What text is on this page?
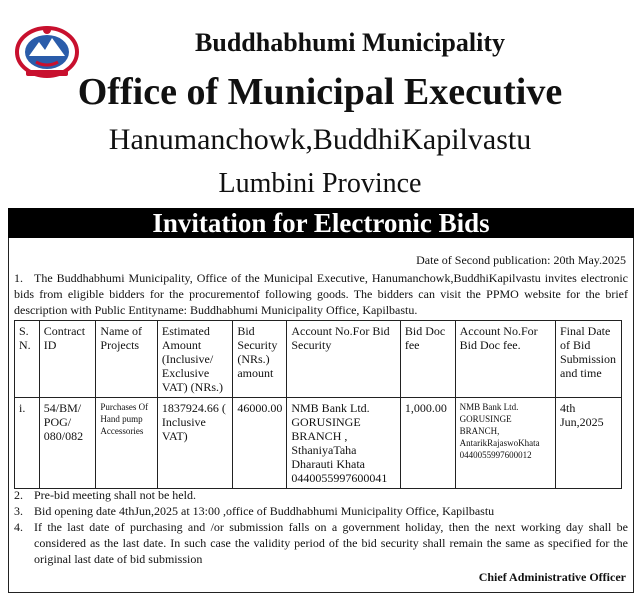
Buddhabhumi Municipality
Office of Municipal Executive
Hanumanchowk,BuddhiKapilvastu
Lumbini Province
Invitation for Electronic Bids
Date of Second publication: 20th May.2025
1. The Buddhabhumi Municipality, Office of the Municipal Executive, Hanumanchowk,BuddhiKapilvastu invites electronic bids from eligible bidders for the procurementof following goods. The bidders can visit the PPMO website for the brief description with Public Entityname: Buddhabhumi Municipality Office, Kapilbastu.
S. N.	Contract ID	Name of Projects	Estimated Amount (Inclusive/ Exclusive VAT) (NRs.)	Bid Security (NRs.) amount	Account No.For Bid Security	Bid Doc fee	Account No.For Bid Doc fee.	Final Date of Bid Submission and time
i.	54/BM/ POG/ 080/082	Purchases Of Hand pump Accessories	1837924.66 ( Inclusive VAT)	46000.00	NMB Bank Ltd. GORUSINGE BRANCH , SthaniyaTaha Dharauti Khata 0440055997600041	1,000.00	NMB Bank Ltd. GORUSINGE BRANCH, AntarikRajaswoKhata 0440055997600012	4th Jun,2025
2. Pre-bid meeting shall not be held.
3. Bid opening date 4thJun,2025 at 13:00 ,office of Buddhabhumi Municipality Office, Kapilbastu
4. If the last date of purchasing and /or submission falls on a government holiday, then the next working day shall be considered as the last date. In such case the validity period of the bid security shall remain the same as specified for the original last date of bid submission
Chief Administrative Officer
